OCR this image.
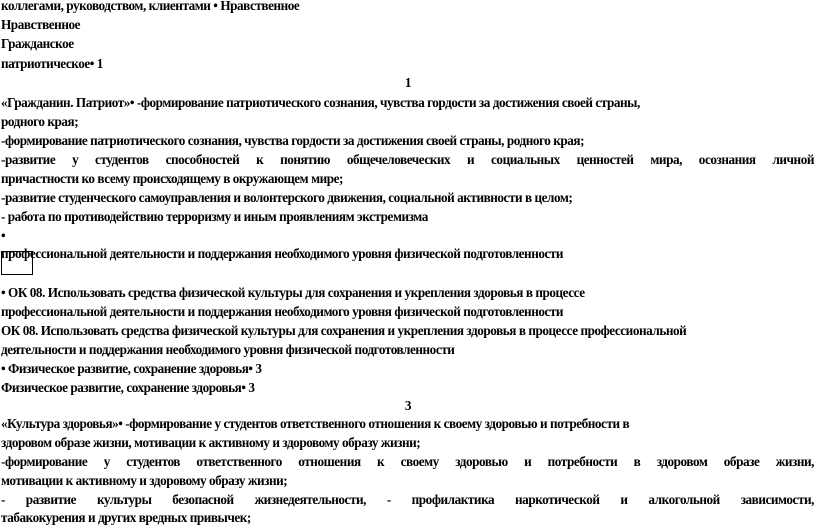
коллегами, руководством, клиентами • Нравственное
Нравственное
Гражданское
патриотическое• 1
1
«Гражданин. Патриот»• -формирование патриотического сознания, чувства гордости за достижения своей страны,
родного края;
-формирование патриотического сознания, чувства гордости за достижения своей страны, родного края;
-развитие у студентов способностей к понятию общечеловеческих и социальных ценностей мира, осознания личной
причастности ко всему происходящему в окружающем мире;
-развитие студенческого самоуправления и волонтерского движения, социальной активности в целом;
- работа по противодействию терроризму и иным проявлениям экстремизма
•
профессиональной деятельности и поддержания необходимого уровня физической подготовленности
• ОК 08. Использовать средства физической культуры для сохранения и укрепления здоровья в процессе
профессиональной деятельности и поддержания необходимого уровня физической подготовленности
ОК 08. Использовать средства физической культуры для сохранения и укрепления здоровья в процессе профессиональной
деятельности и поддержания необходимого уровня физической подготовленности
• Физическое развитие, сохранение здоровья• 3
Физическое развитие, сохранение здоровья• 3
3
«Культура здоровья»• -формирование у студентов ответственного отношения к своему здоровью и потребности в
здоровом образе жизни, мотивации к активному и здоровому образу жизни;
-формирование у студентов ответственного отношения к своему здоровью и потребности в здоровом образе жизни,
мотивации к активному и здоровому образу жизни;
- развитие культуры безопасной жизнедеятельности, - профилактика наркотической и алкогольной зависимости,
табакокурения и других вредных привычек;
